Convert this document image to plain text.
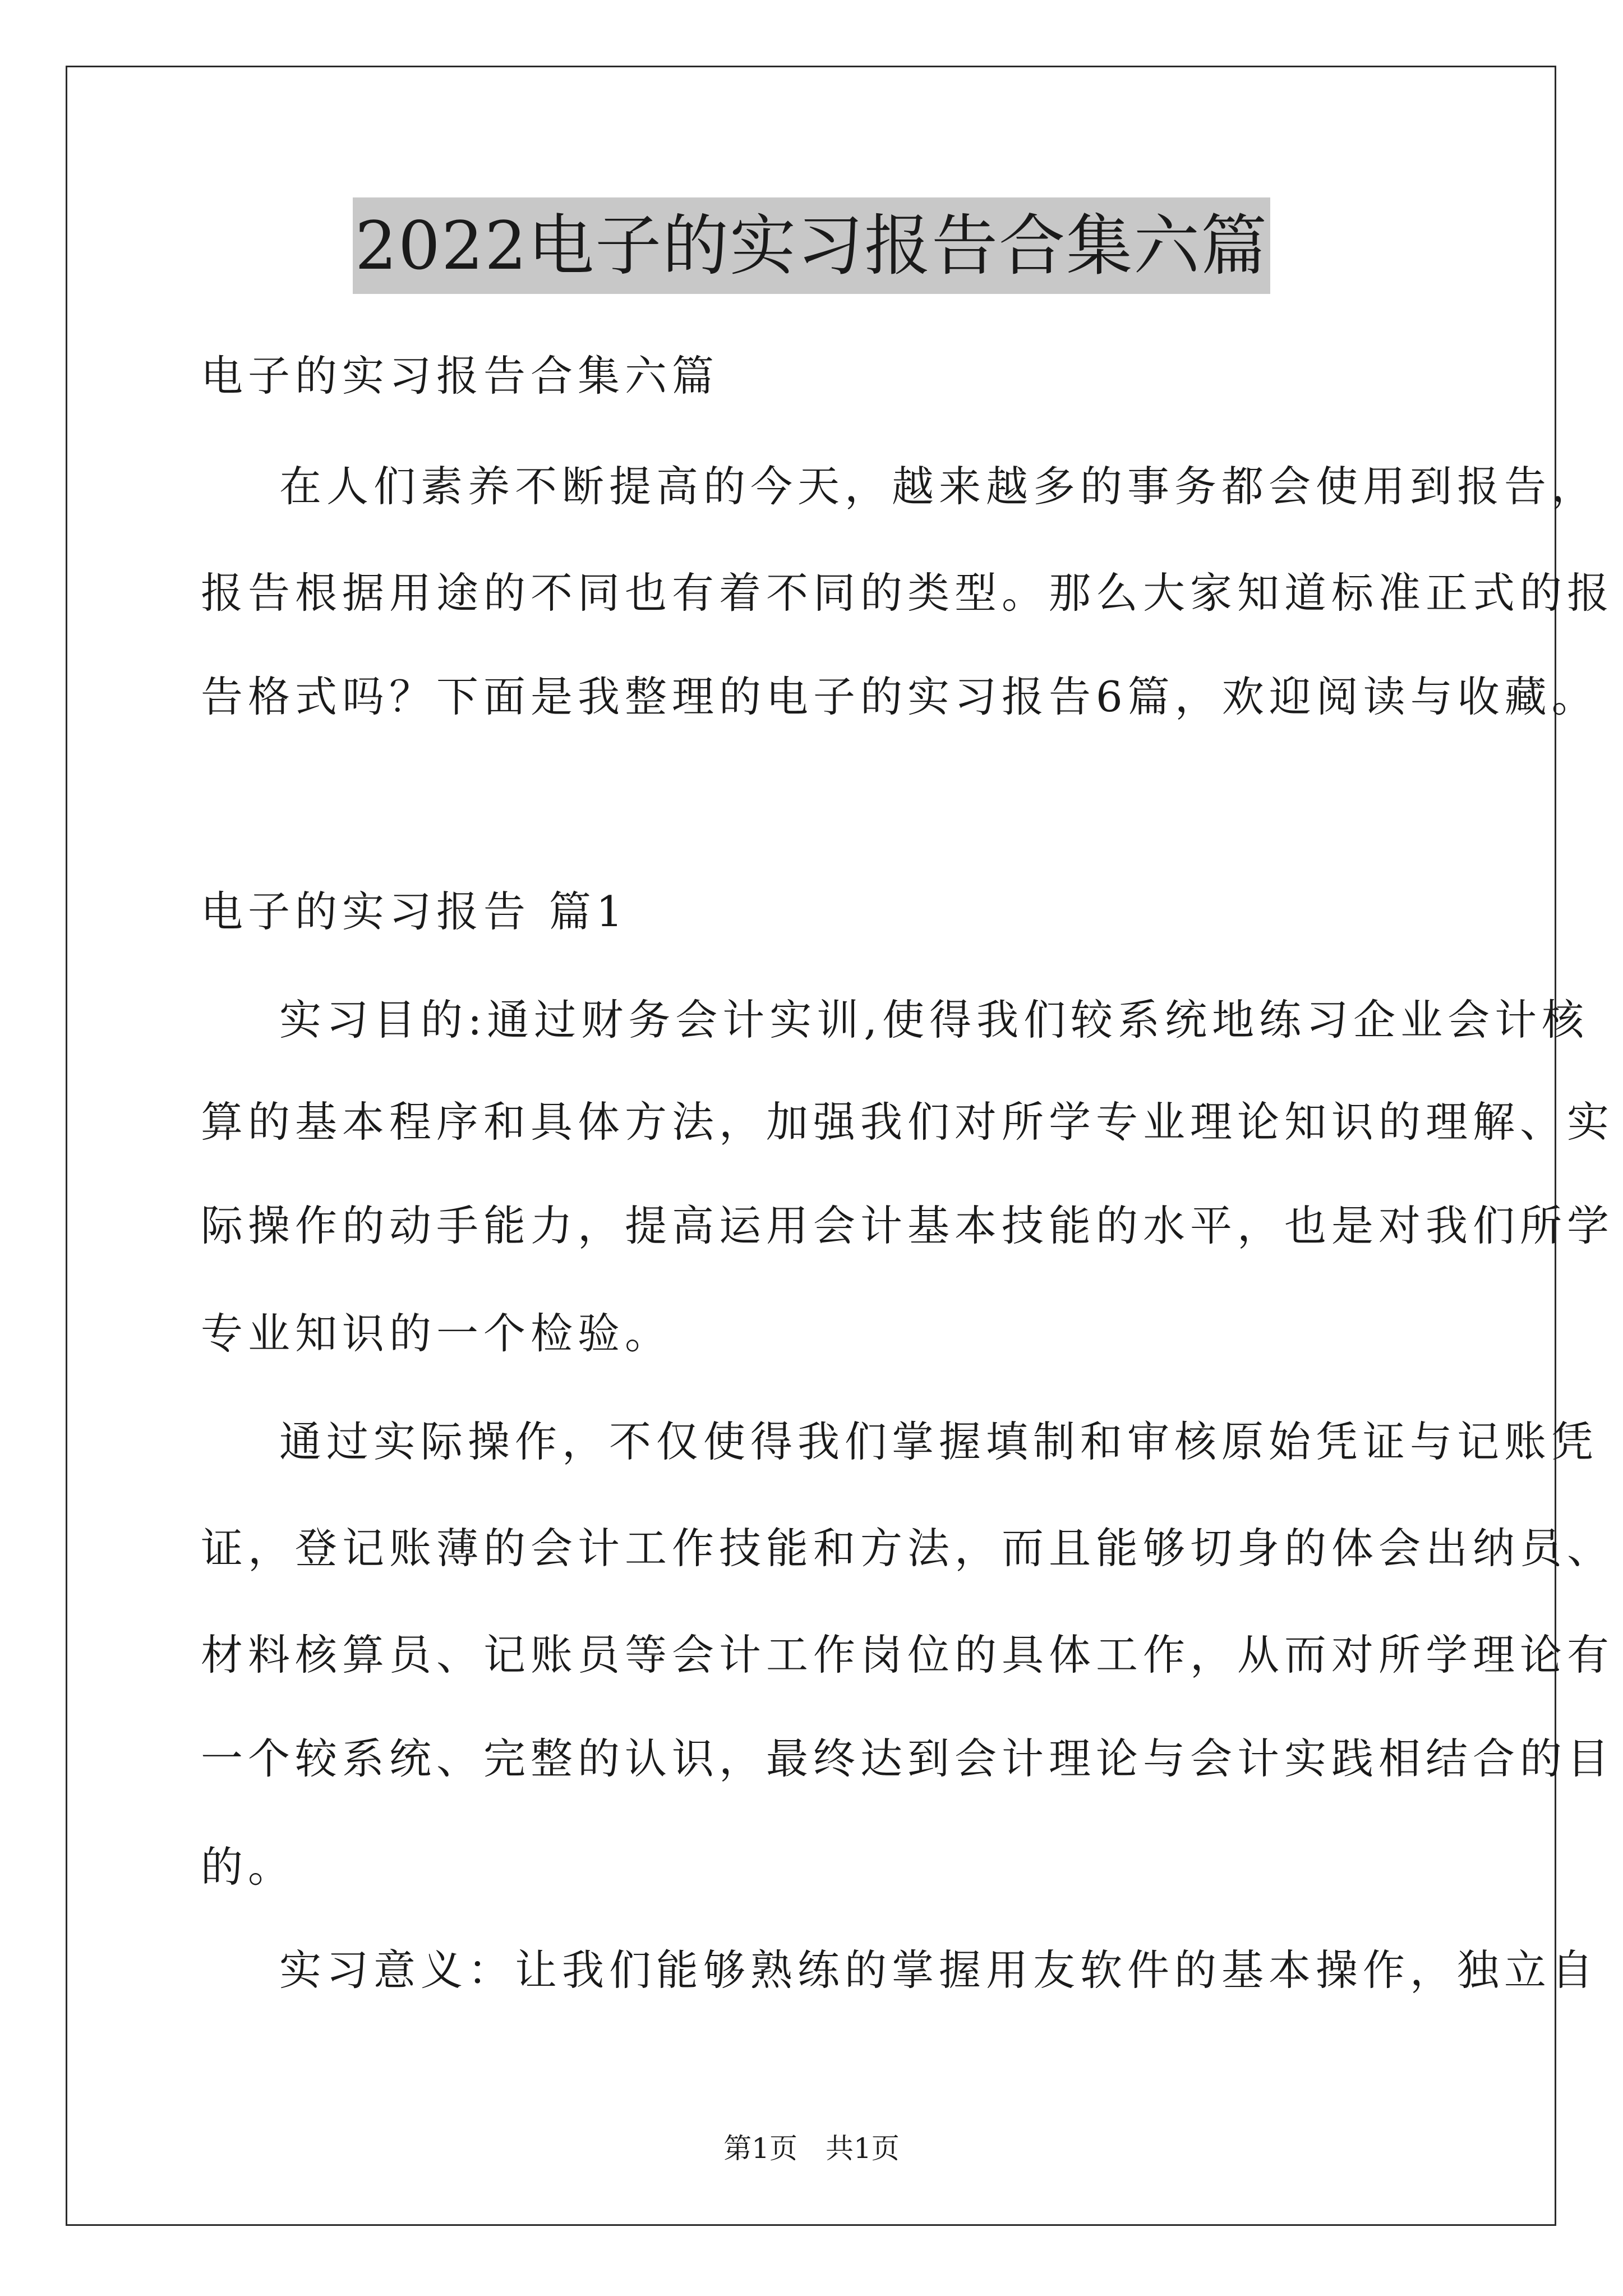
2022电子的实习报告合集六篇
电子的实习报告合集六篇
在人们素养不断提高的今天，越来越多的事务都会使用到报告，
报告根据用途的不同也有着不同的类型。那么大家知道标准正式的报
告格式吗？下面是我整理的电子的实习报告6篇，欢迎阅读与收藏。
电子的实习报告 篇1
实习目的:通过财务会计实训,使得我们较系统地练习企业会计核
算的基本程序和具体方法，加强我们对所学专业理论知识的理解、实
际操作的动手能力，提高运用会计基本技能的水平，也是对我们所学
专业知识的一个检验。
通过实际操作，不仅使得我们掌握填制和审核原始凭证与记账凭
证，登记账薄的会计工作技能和方法，而且能够切身的体会出纳员、
材料核算员、记账员等会计工作岗位的具体工作，从而对所学理论有
一个较系统、完整的认识，最终达到会计理论与会计实践相结合的目
的。
实习意义：让我们能够熟练的掌握用友软件的基本操作，独立自
第1页　共1页
